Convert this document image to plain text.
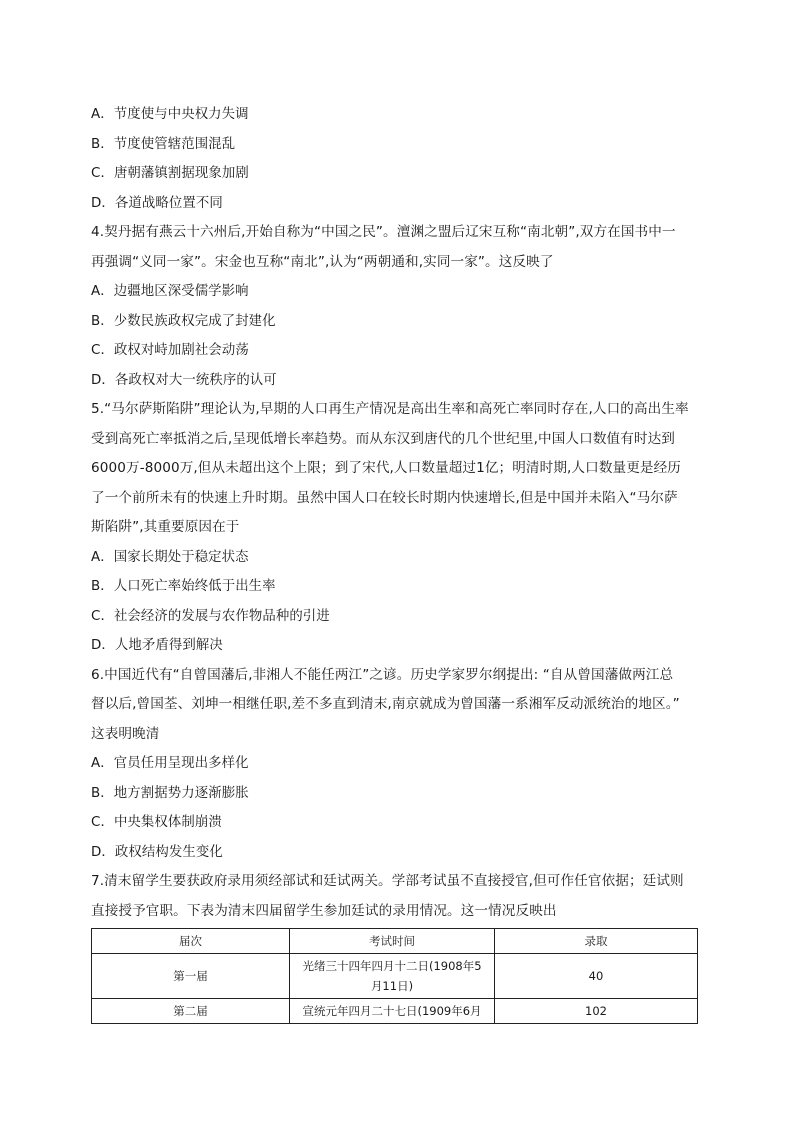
A．节度使与中央权力失调
B．节度使管辖范围混乱
C．唐朝藩镇割据现象加剧
D．各道战略位置不同
4.契丹据有燕云十六州后,开始自称为“中国之民”。澶渊之盟后辽宋互称“南北朝”,双方在国书中一
再强调“义同一家”。宋金也互称“南北”,认为“两朝通和,实同一家”。这反映了
A．边疆地区深受儒学影响
B．少数民族政权完成了封建化
C．政权对峙加剧社会动荡
D．各政权对大一统秩序的认可
5.“马尔萨斯陷阱”理论认为,早期的人口再生产情况是高出生率和高死亡率同时存在,人口的高出生率
受到高死亡率抵消之后,呈现低增长率趋势。而从东汉到唐代的几个世纪里,中国人口数值有时达到
6000万-8000万,但从未超出这个上限；到了宋代,人口数量超过1亿；明清时期,人口数量更是经历
了一个前所未有的快速上升时期。虽然中国人口在较长时期内快速增长,但是中国并未陷入“马尔萨
斯陷阱”,其重要原因在于
A．国家长期处于稳定状态
B．人口死亡率始终低于出生率
C．社会经济的发展与农作物品种的引进
D．人地矛盾得到解决
6.中国近代有“自曾国藩后,非湘人不能任两江”之谚。历史学家罗尔纲提出: “自从曾国藩做两江总
督以后,曾国荃、刘坤一相继任职,差不多直到清末,南京就成为曾国藩一系湘军反动派统治的地区。”
这表明晚清
A．官员任用呈现出多样化
B．地方割据势力逐渐膨胀
C．中央集权体制崩溃
D．政权结构发生变化
7.清末留学生要获政府录用须经部试和廷试两关。学部考试虽不直接授官,但可作任官依据；廷试则
直接授予官职。下表为清末四届留学生参加廷试的录用情况。这一情况反映出
届次	考试时间	录取
第一届	光绪三十四年四月十二日(1908年5
月11日)	40
第二届	宣统元年四月二十七日(1909年6月	102
